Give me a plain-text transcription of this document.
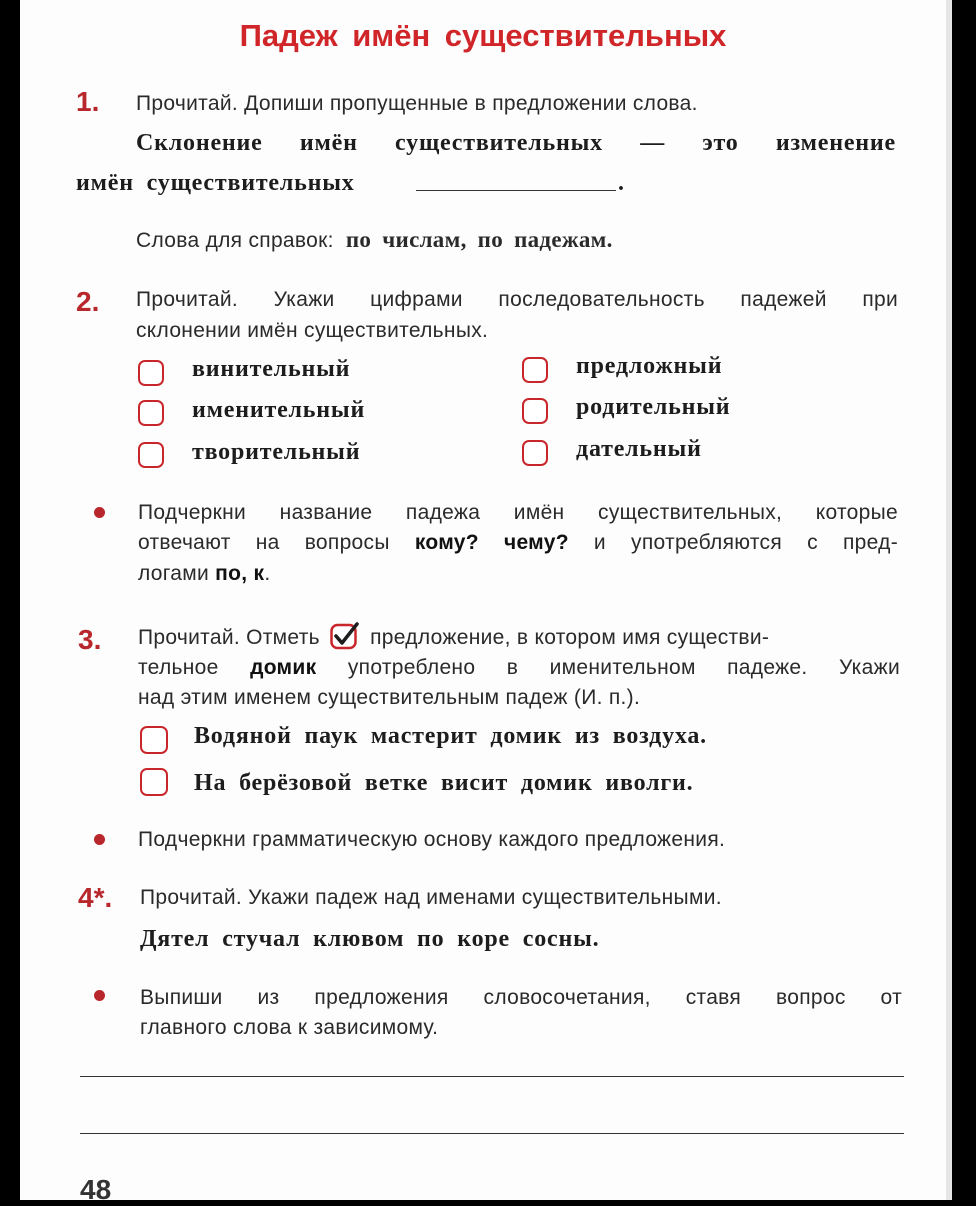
Падеж имён существительных
1. Прочитай. Допиши пропущенные в предложении слова.
Склонение имён существительных — это изменение
имён существительных	.
Слова для справок: по числам, по падежам.
2. Прочитай. Укажи цифрами последовательность падежей при
склонении имён существительных.
винительный
именительный
творительный
предложный
родительный
дательный
Подчеркни название падежа имён существительных, которые
отвечают на вопросы кому? чему? и употребляются с пред-
логами по, к.
3. Прочитай. Отметь предложение, в котором имя существи-
тельное домик употреблено в именительном падеже. Укажи
над этим именем существительным падеж (И. п.).
Водяной паук мастерит домик из воздуха.
На берёзовой ветке висит домик иволги.
Подчеркни грамматическую основу каждого предложения.
4*. Прочитай. Укажи падеж над именами существительными.
Дятел стучал клювом по коре сосны.
Выпиши из предложения словосочетания, ставя вопрос от
главного слова к зависимому.
48
